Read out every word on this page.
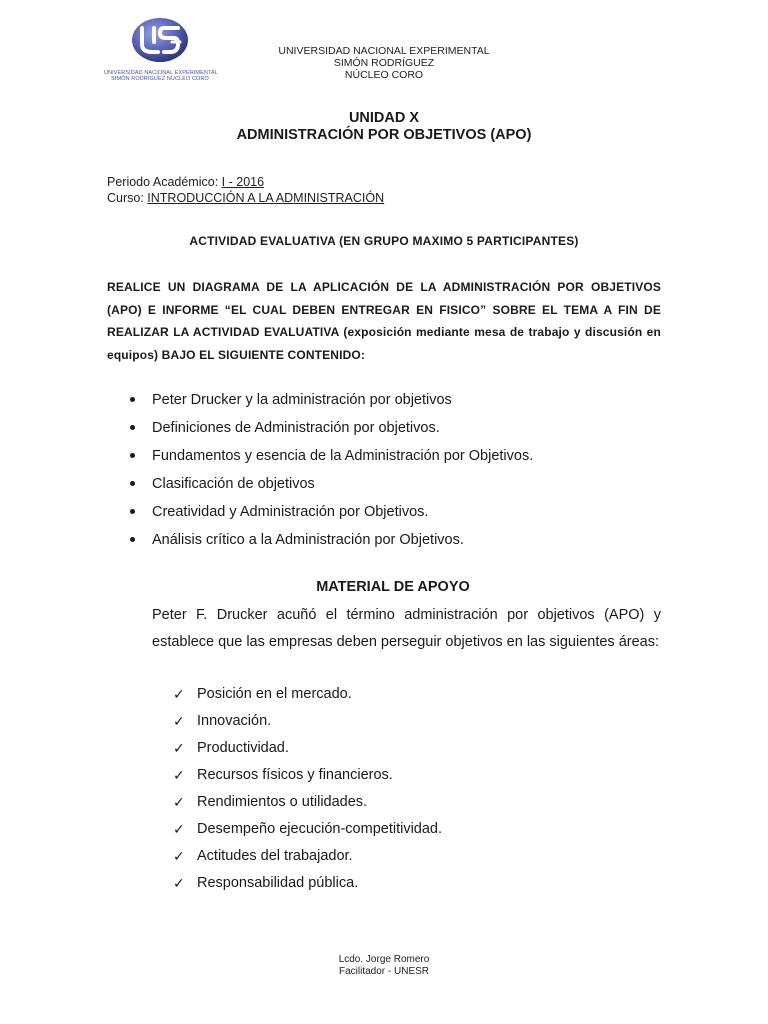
UNIVERSIDAD NACIONAL EXPERIMENTAL
SIMÓN RODRÍGUEZ NÚCLEO CORO
UNIVERSIDAD NACIONAL EXPERIMENTAL
SIMÓN RODRÍGUEZ
NÚCLEO CORO
UNIDAD X
ADMINISTRACIÓN POR OBJETIVOS (APO)
Periodo Académico: I - 2016
Curso: INTRODUCCIÓN A LA ADMINISTRACIÓN
ACTIVIDAD EVALUATIVA (EN GRUPO MAXIMO 5 PARTICIPANTES)
REALICE UN DIAGRAMA DE LA APLICACIÓN DE LA ADMINISTRACIÓN POR OBJETIVOS (APO) E INFORME “EL CUAL DEBEN ENTREGAR EN FISICO” SOBRE EL TEMA A FIN DE REALIZAR LA ACTIVIDAD EVALUATIVA (exposición mediante mesa de trabajo y discusión en equipos) BAJO EL SIGUIENTE CONTENIDO:
Peter Drucker y la administración por objetivos
Definiciones de Administración por objetivos.
Fundamentos y esencia de la Administración por Objetivos.
Clasificación de objetivos
Creatividad y Administración por Objetivos.
Análisis crítico a la Administración por Objetivos.
MATERIAL DE APOYO
Peter F. Drucker acuñó el término administración por objetivos (APO) y establece que las empresas deben perseguir objetivos en las siguientes áreas:
✓ Posición en el mercado.
✓ Innovación.
✓ Productividad.
✓ Recursos físicos y financieros.
✓ Rendimientos o utilidades.
✓ Desempeño ejecución-competitividad.
✓ Actitudes del trabajador.
✓ Responsabilidad pública.
Lcdo. Jorge Romero
Facilitador - UNESR
